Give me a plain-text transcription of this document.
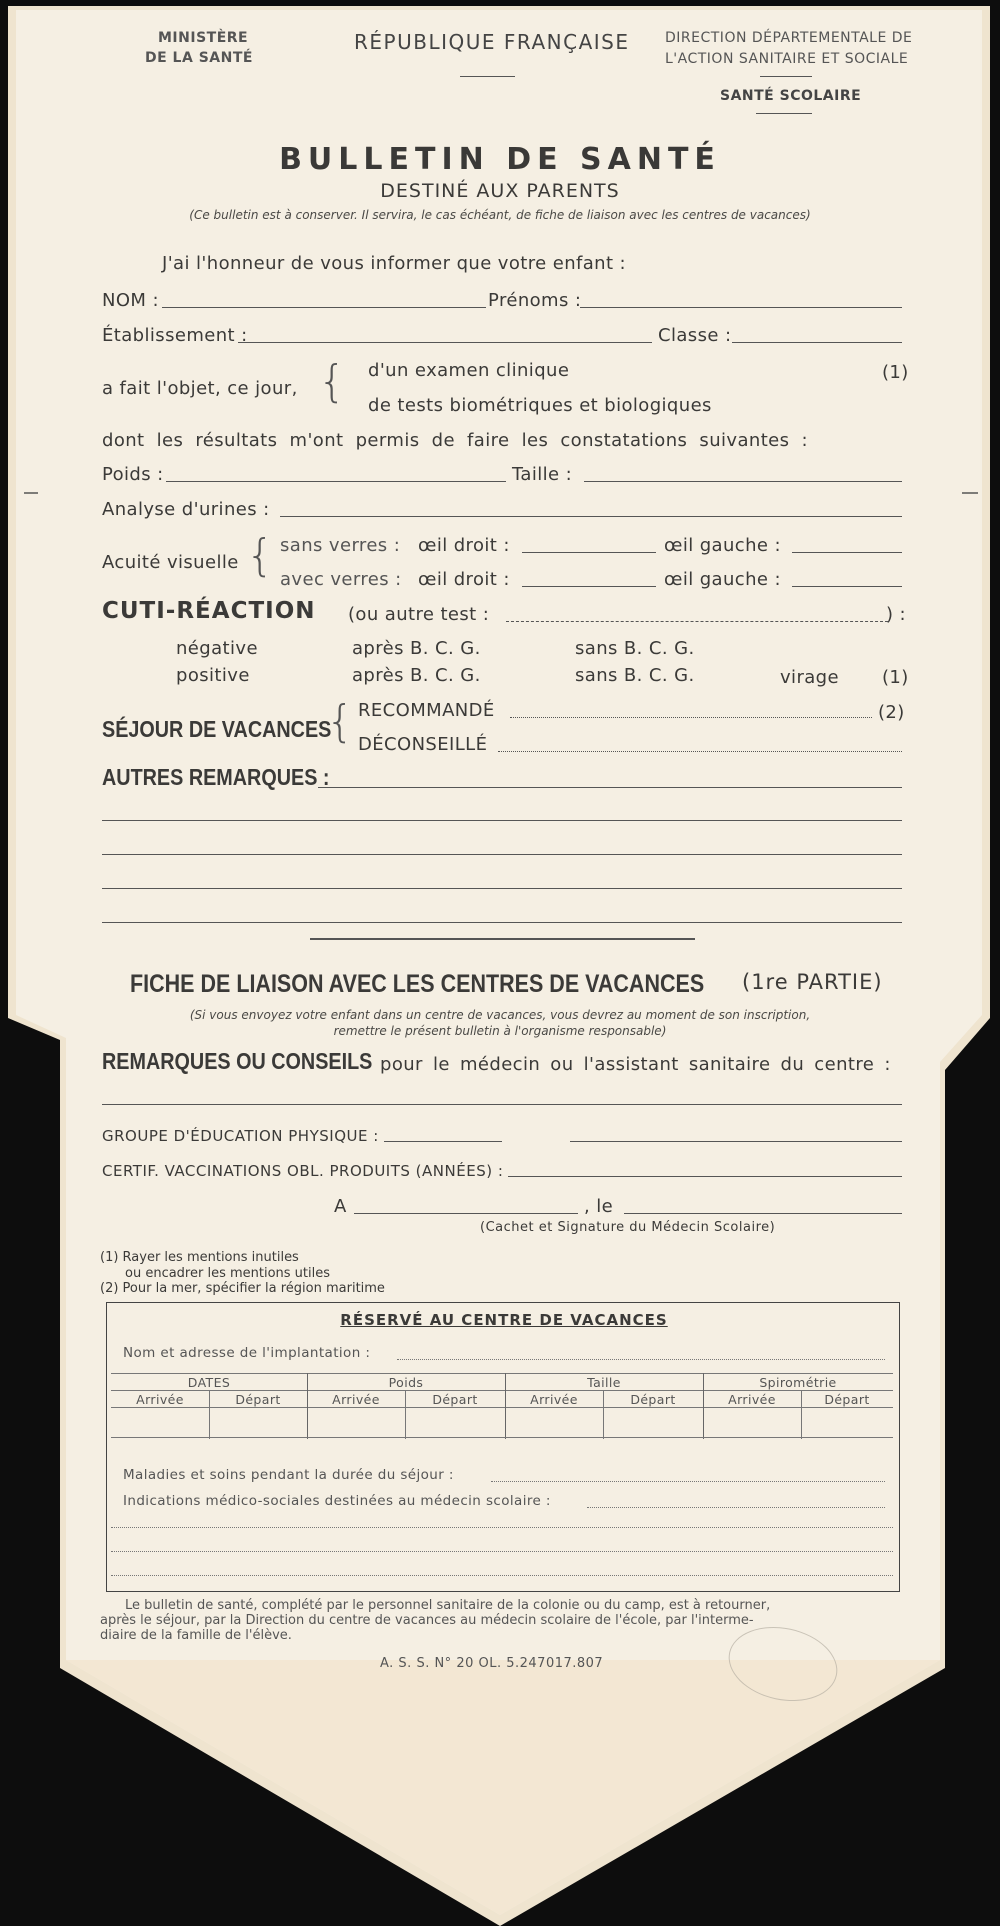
MINISTÈRE
DE LA SANTÉ
RÉPUBLIQUE FRANÇAISE	DIRECTION DÉPARTEMENTALE DE
L'ACTION SANITAIRE ET SOCIALE
SANTÉ SCOLAIRE
BULLETIN DE SANTÉ
DESTINÉ AUX PARENTS
(Ce bulletin est à conserver. Il servira, le cas échéant, de fiche de liaison avec les centres de vacances)
J'ai l'honneur de vous informer que votre enfant :
NOM :	Prénoms :
Établissement :	Classe :
a fait l'objet, ce jour, { d'un examen clinique	(1)
de tests biométriques et biologiques
dont les résultats m'ont permis de faire les constatations suivantes :
Poids :	Taille :
Analyse d'urines :
Acuité visuelle { sans verres : œil droit :	œil gauche :
avec verres : œil droit :	œil gauche :
CUTI-RÉACTION (ou autre test :	) :
négative	après B. C. G.	sans B. C. G.
positive	après B. C. G.	sans B. C. G.	virage (1)
SÉJOUR DE VACANCES
{ RECOMMANDÉ	(2)
DÉCONSEILLÉ
AUTRES REMARQUES :
FICHE DE LIAISON AVEC LES CENTRES DE VACANCES (1re PARTIE)
(Si vous envoyez votre enfant dans un centre de vacances, vous devrez au moment de son inscription,
remettre le présent bulletin à l'organisme responsable)
REMARQUES OU CONSEILS pour le médecin ou l'assistant sanitaire du centre :
GROUPE D'ÉDUCATION PHYSIQUE :
CERTIF. VACCINATIONS OBL. PRODUITS (ANNÉES) :
A	, le
(Cachet et Signature du Médecin Scolaire)
(1) Rayer les mentions inutiles
ou encadrer les mentions utiles
(2) Pour la mer, spécifier la région maritime
RÉSERVÉ AU CENTRE DE VACANCES
Nom et adresse de l'implantation :
DATES	Poids	Taille	Spirométrie
Arrivée	Départ	Arrivée	Départ	Arrivée	Départ	Arrivée	Départ
Maladies et soins pendant la durée du séjour :
Indications médico-sociales destinées au médecin scolaire :
Le bulletin de santé, complété par le personnel sanitaire de la colonie ou du camp, est à retourner,
après le séjour, par la Direction du centre de vacances au médecin scolaire de l'école, par l'interme-
diaire de la famille de l'élève.
A. S. S. N° 20 OL. 5.247017.807
